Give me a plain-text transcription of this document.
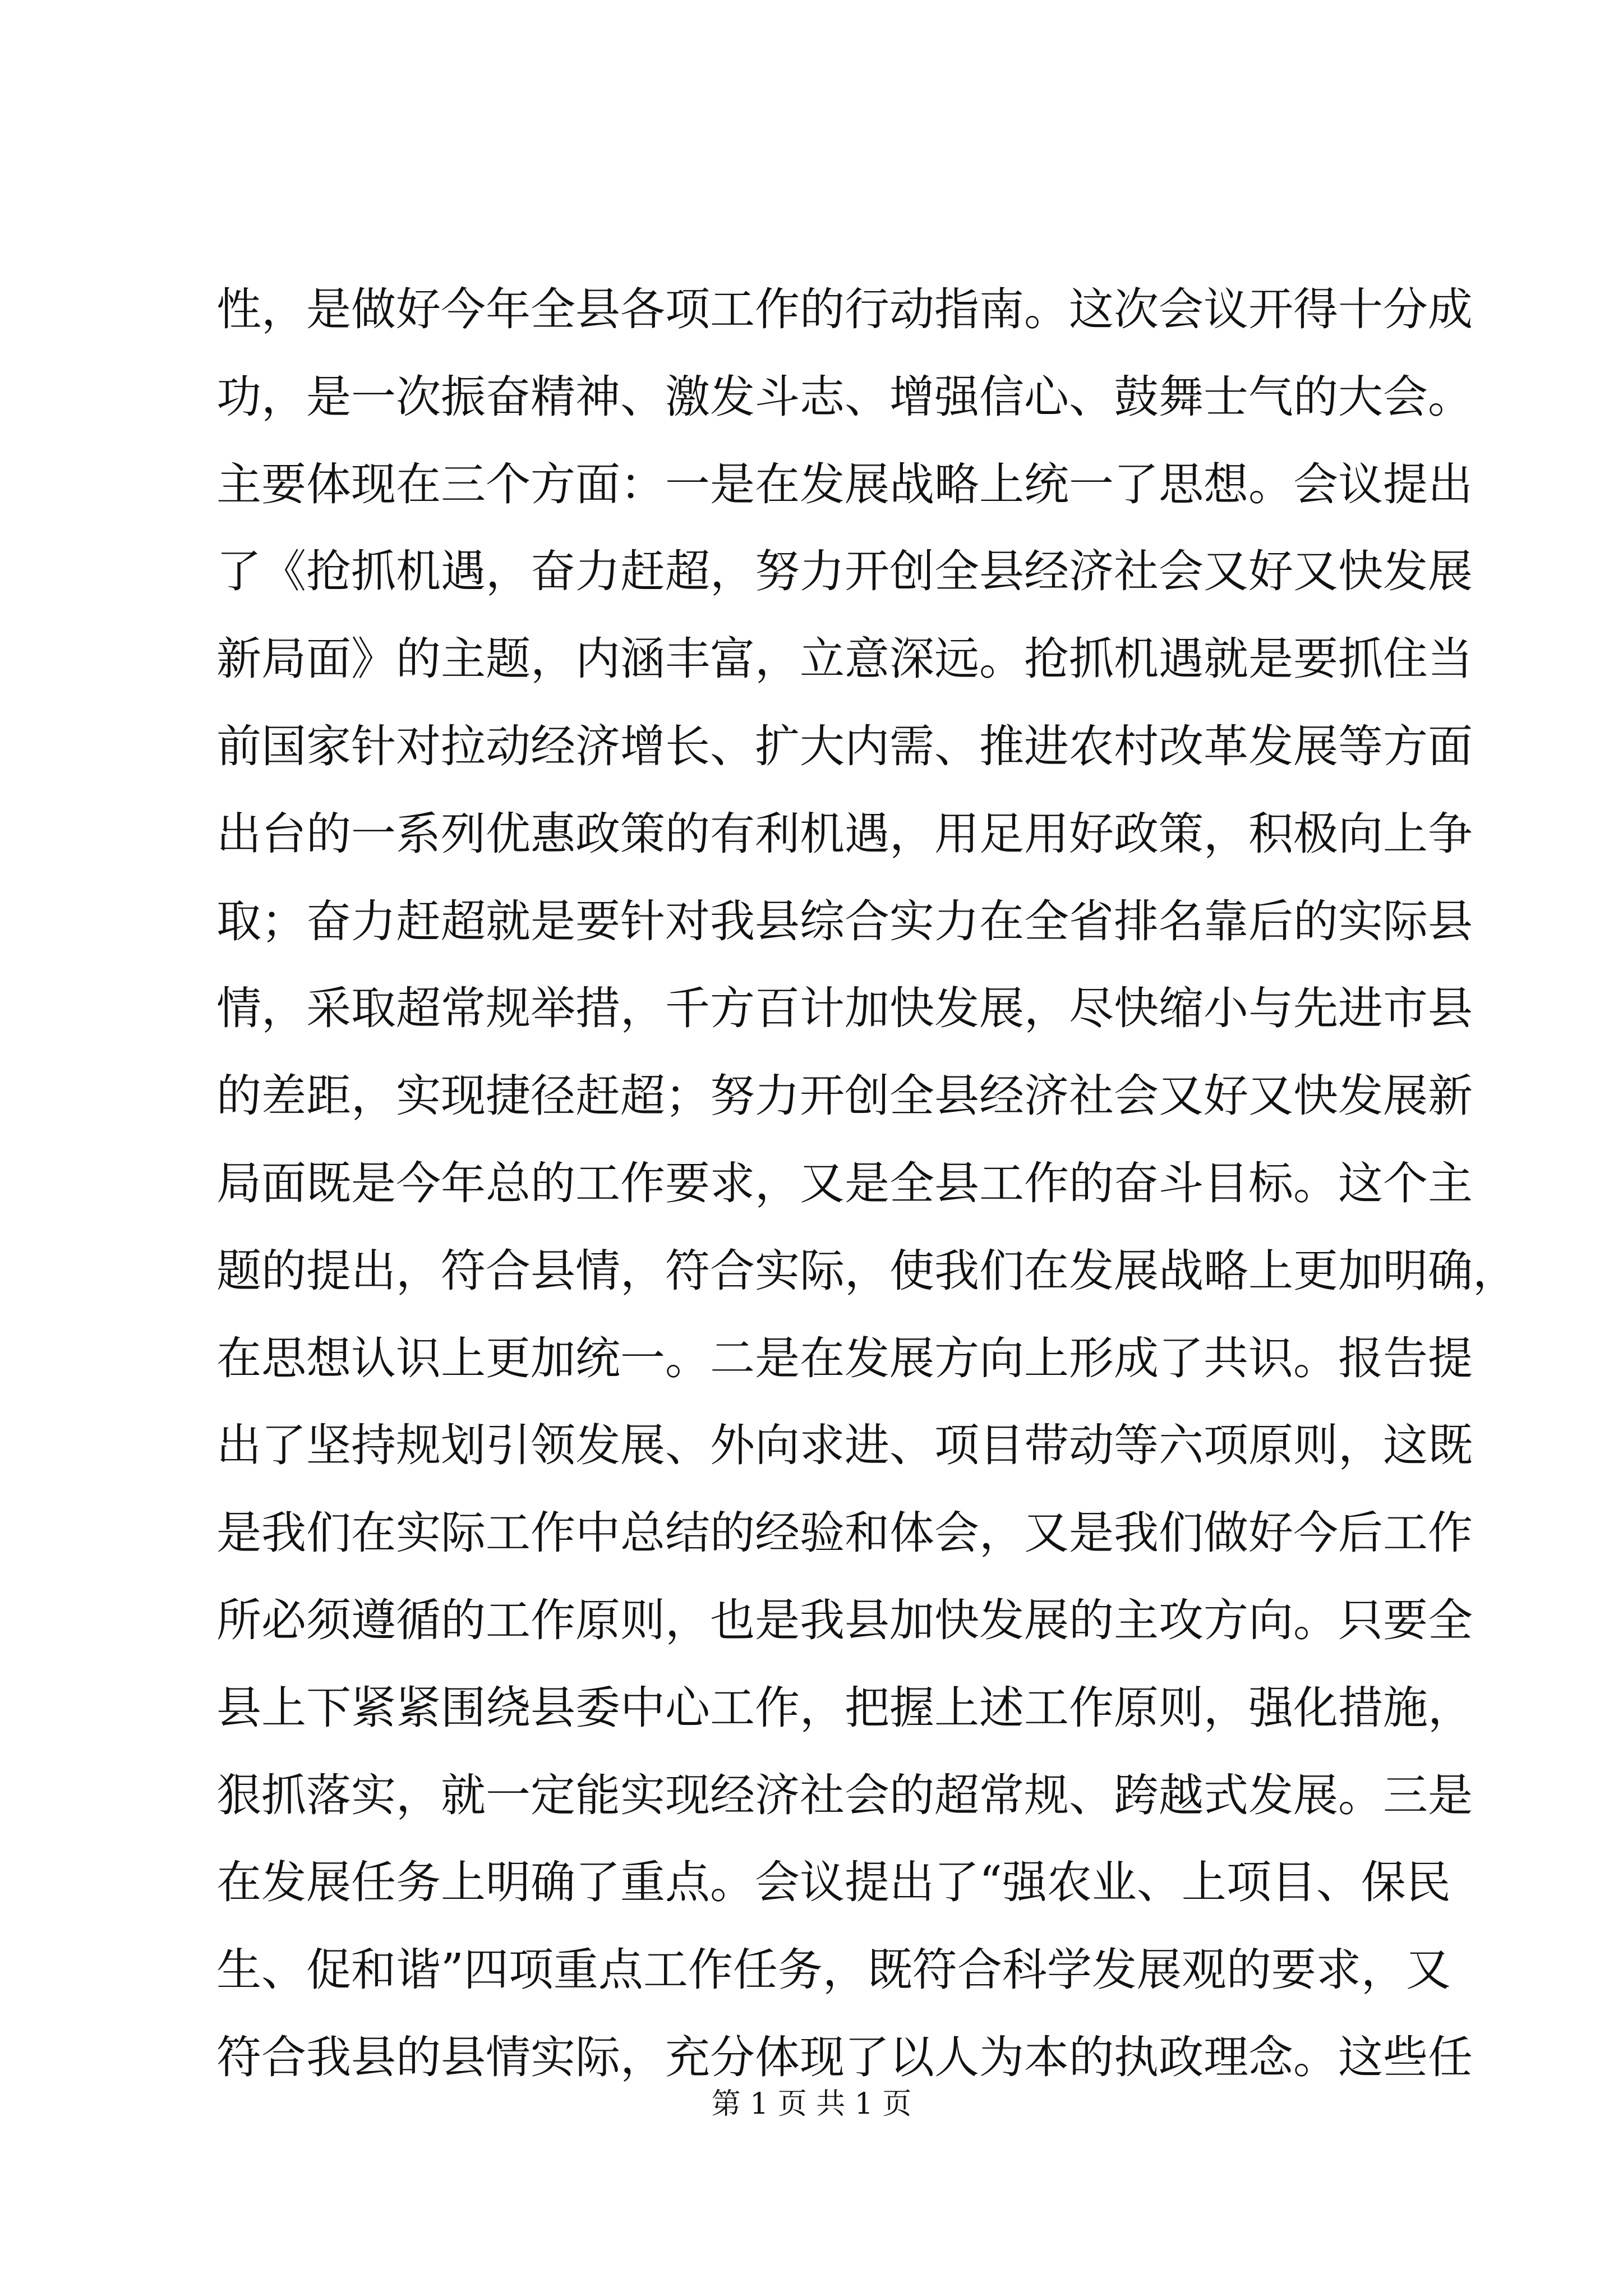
性，是做好今年全县各项工作的行动指南。这次会议开得十分成
功，是一次振奋精神、激发斗志、增强信心、鼓舞士气的大会。
主要体现在三个方面：一是在发展战略上统一了思想。会议提出
了《抢抓机遇，奋力赶超，努力开创全县经济社会又好又快发展
新局面》的主题，内涵丰富，立意深远。抢抓机遇就是要抓住当
前国家针对拉动经济增长、扩大内需、推进农村改革发展等方面
出台的一系列优惠政策的有利机遇，用足用好政策，积极向上争
取；奋力赶超就是要针对我县综合实力在全省排名靠后的实际县
情，采取超常规举措，千方百计加快发展，尽快缩小与先进市县
的差距，实现捷径赶超；努力开创全县经济社会又好又快发展新
局面既是今年总的工作要求，又是全县工作的奋斗目标。这个主
题的提出，符合县情，符合实际，使我们在发展战略上更加明确，
在思想认识上更加统一。二是在发展方向上形成了共识。报告提
出了坚持规划引领发展、外向求进、项目带动等六项原则，这既
是我们在实际工作中总结的经验和体会，又是我们做好今后工作
所必须遵循的工作原则，也是我县加快发展的主攻方向。只要全
县上下紧紧围绕县委中心工作，把握上述工作原则，强化措施，
狠抓落实，就一定能实现经济社会的超常规、跨越式发展。三是
在发展任务上明确了重点。会议提出了“强农业、上项目、保民
生、促和谐”四项重点工作任务，既符合科学发展观的要求，又
符合我县的县情实际，充分体现了以人为本的执政理念。这些任
第 1 页 共 1 页
